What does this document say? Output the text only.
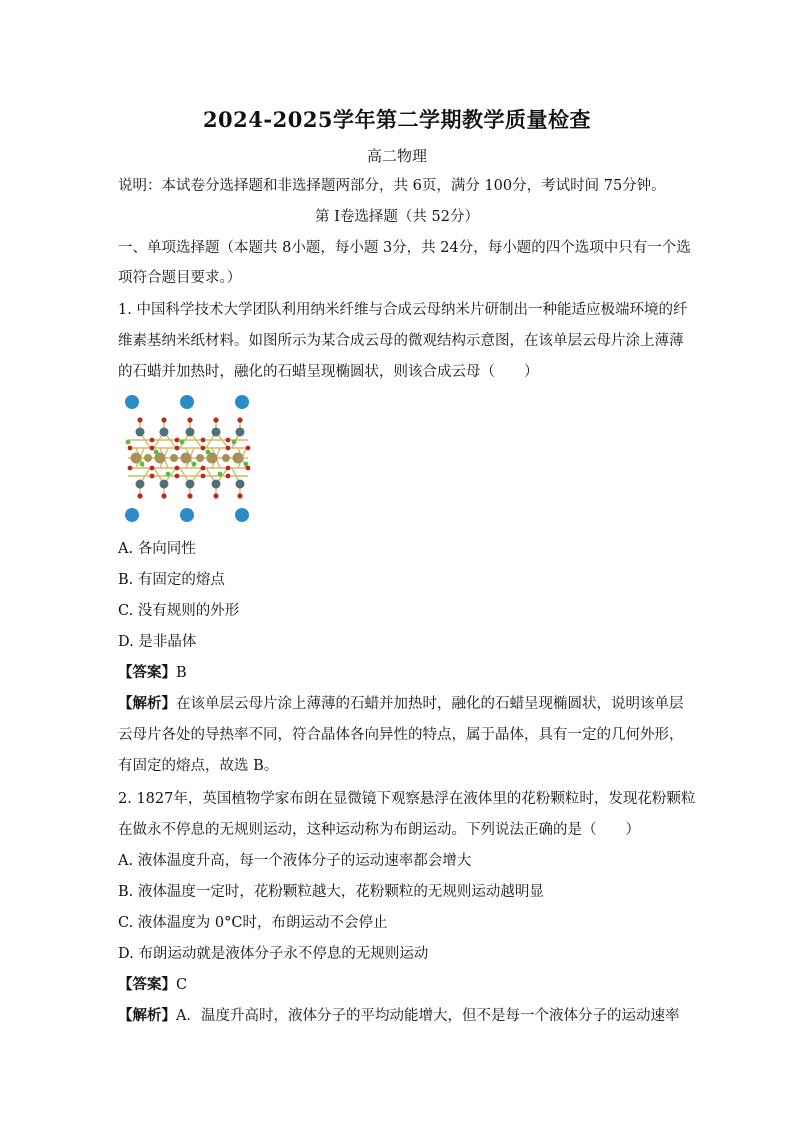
2024-2025学年第二学期教学质量检查
高二物理
说明：本试卷分选择题和非选择题两部分，共 6页，满分 100分，考试时间 75分钟。
第 I卷选择题（共 52分）
一、单项选择题（本题共 8小题，每小题 3分，共 24分，每小题的四个选项中只有一个选
项符合题目要求。）
1. 中国科学技术大学团队利用纳米纤维与合成云母纳米片研制出一种能适应极端环境的纤
维素基纳米纸材料。如图所示为某合成云母的微观结构示意图，在该单层云母片涂上薄薄
的石蜡并加热时，融化的石蜡呈现椭圆状，则该合成云母（　　）
A. 各向同性
B. 有固定的熔点
C. 没有规则的外形
D. 是非晶体
【答案】B
【解析】在该单层云母片涂上薄薄的石蜡并加热时，融化的石蜡呈现椭圆状，说明该单层
云母片各处的导热率不同，符合晶体各向异性的特点，属于晶体，具有一定的几何外形，
有固定的熔点，故选 B。
2. 1827年，英国植物学家布朗在显微镜下观察悬浮在液体里的花粉颗粒时，发现花粉颗粒
在做永不停息的无规则运动，这种运动称为布朗运动。下列说法正确的是（　　）
A. 液体温度升高，每一个液体分子的运动速率都会增大
B. 液体温度一定时，花粉颗粒越大，花粉颗粒的无规则运动越明显
C. 液体温度为 0°C时，布朗运动不会停止
D. 布朗运动就是液体分子永不停息的无规则运动
【答案】C
【解析】A．温度升高时，液体分子的平均动能增大，但不是每一个液体分子的运动速率
